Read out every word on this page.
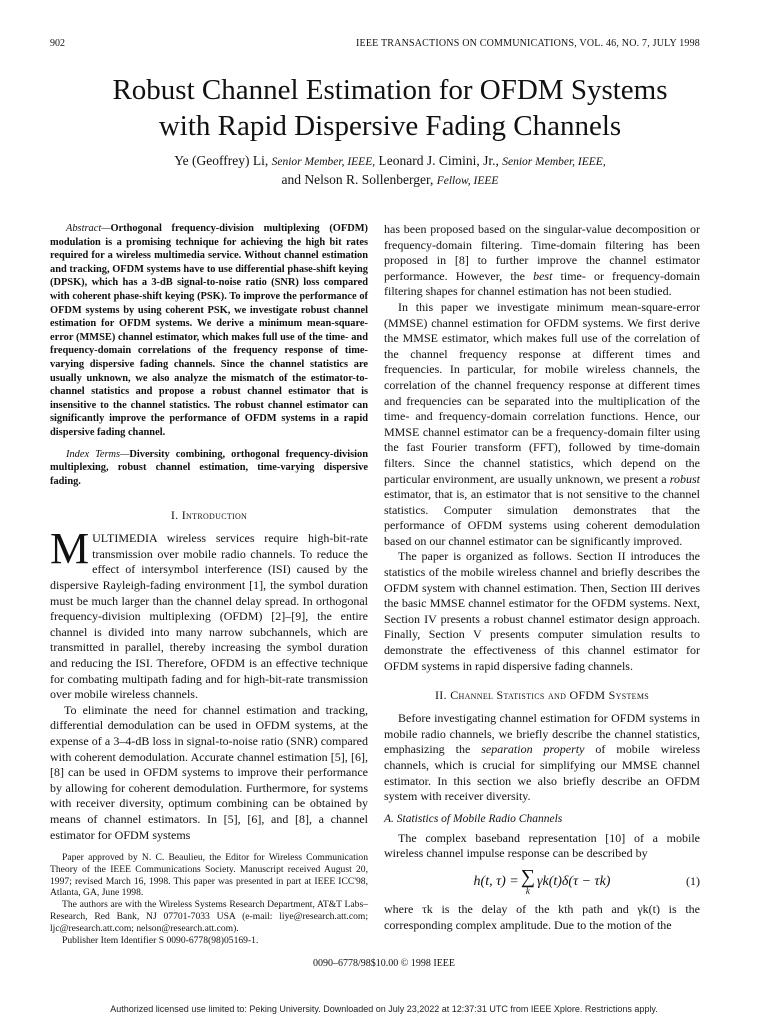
902	IEEE TRANSACTIONS ON COMMUNICATIONS, VOL. 46, NO. 7, JULY 1998
Robust Channel Estimation for OFDM Systems
with Rapid Dispersive Fading Channels
Ye (Geoffrey) Li, Senior Member, IEEE, Leonard J. Cimini, Jr., Senior Member, IEEE,
and Nelson R. Sollenberger, Fellow, IEEE

Abstract—Orthogonal frequency-division multiplexing (OFDM) modulation is a promising technique for achieving the high bit rates required for a wireless multimedia service. Without channel estimation and tracking, OFDM systems have to use differential phase-shift keying (DPSK), which has a 3-dB signal-to-noise ratio (SNR) loss compared with coherent phase-shift keying (PSK). To improve the performance of OFDM systems by using coherent PSK, we investigate robust channel estimation for OFDM systems. We derive a minimum mean-square-error (MMSE) channel estimator, which makes full use of the time- and frequency-domain correlations of the frequency response of time-varying dispersive fading channels. Since the channel statistics are usually unknown, we also analyze the mismatch of the estimator-to-channel statistics and propose a robust channel estimator that is insensitive to the channel statistics. The robust channel estimator can significantly improve the performance of OFDM systems in a rapid dispersive fading channel.

Index Terms—Diversity combining, orthogonal frequency-division multiplexing, robust channel estimation, time-varying dispersive fading.

I. Introduction

MULTIMEDIA wireless services require high-bit-rate transmission over mobile radio channels. To reduce the effect of intersymbol interference (ISI) caused by the dispersive Rayleigh-fading environment [1], the symbol duration must be much larger than the channel delay spread. In orthogonal frequency-division multiplexing (OFDM) [2]–[9], the entire channel is divided into many narrow subchannels, which are transmitted in parallel, thereby increasing the symbol duration and reducing the ISI. Therefore, OFDM is an effective technique for combating multipath fading and for high-bit-rate transmission over mobile wireless channels.

To eliminate the need for channel estimation and tracking, differential demodulation can be used in OFDM systems, at the expense of a 3–4-dB loss in signal-to-noise ratio (SNR) compared with coherent demodulation. Accurate channel estimation [5], [6], [8] can be used in OFDM systems to improve their performance by allowing for coherent demodulation. Furthermore, for systems with receiver diversity, optimum combining can be obtained by means of channel estimators. In [5], [6], and [8], a channel estimator for OFDM systems

Paper approved by N. C. Beaulieu, the Editor for Wireless Communication Theory of the IEEE Communications Society. Manuscript received August 20, 1997; revised March 16, 1998. This paper was presented in part at IEEE ICC'98, Atlanta, GA, June 1998.

The authors are with the Wireless Systems Research Department, AT&T Labs–Research, Red Bank, NJ 07701-7033 USA (e-mail: liye@research.att.com; ljc@research.att.com; nelson@research.att.com).

Publisher Item Identifier S 0090-6778(98)05169-1.

has been proposed based on the singular-value decomposition or frequency-domain filtering. Time-domain filtering has been proposed in [8] to further improve the channel estimator performance. However, the best time- or frequency-domain filtering shapes for channel estimation has not been studied.

In this paper we investigate minimum mean-square-error (MMSE) channel estimation for OFDM systems. We first derive the MMSE estimator, which makes full use of the correlation of the channel frequency response at different times and frequencies. In particular, for mobile wireless channels, the correlation of the channel frequency response at different times and frequencies can be separated into the multiplication of the time- and frequency-domain correlation functions. Hence, our MMSE channel estimator can be a frequency-domain filter using the fast Fourier transform (FFT), followed by time-domain filters. Since the channel statistics, which depend on the particular environment, are usually unknown, we present a robust estimator, that is, an estimator that is not sensitive to the channel statistics. Computer simulation demonstrates that the performance of OFDM systems using coherent demodulation based on our channel estimator can be significantly improved.

The paper is organized as follows. Section II introduces the statistics of the mobile wireless channel and briefly describes the OFDM system with channel estimation. Then, Section III derives the basic MMSE channel estimator for the OFDM systems. Next, Section IV presents a robust channel estimator design approach. Finally, Section V presents computer simulation results to demonstrate the effectiveness of this channel estimator for OFDM systems in rapid dispersive fading channels.

II. Channel Statistics and OFDM Systems

Before investigating channel estimation for OFDM systems in mobile radio channels, we briefly describe the channel statistics, emphasizing the separation property of mobile wireless channels, which is crucial for simplifying our MMSE channel estimator. In this section we also briefly describe an OFDM system with receiver diversity.

A. Statistics of Mobile Radio Channels

The complex baseband representation [10] of a mobile wireless channel impulse response can be described by

h(t, τ) = ∑
k
γk(t)δ(τ − τk)	(1)

where τk is the delay of the kth path and γk(t) is the corresponding complex amplitude. Due to the motion of the

0090–6778/98$10.00 © 1998 IEEE
Authorized licensed use limited to: Peking University. Downloaded on July 23,2022 at 12:37:31 UTC from IEEE Xplore. Restrictions apply.
